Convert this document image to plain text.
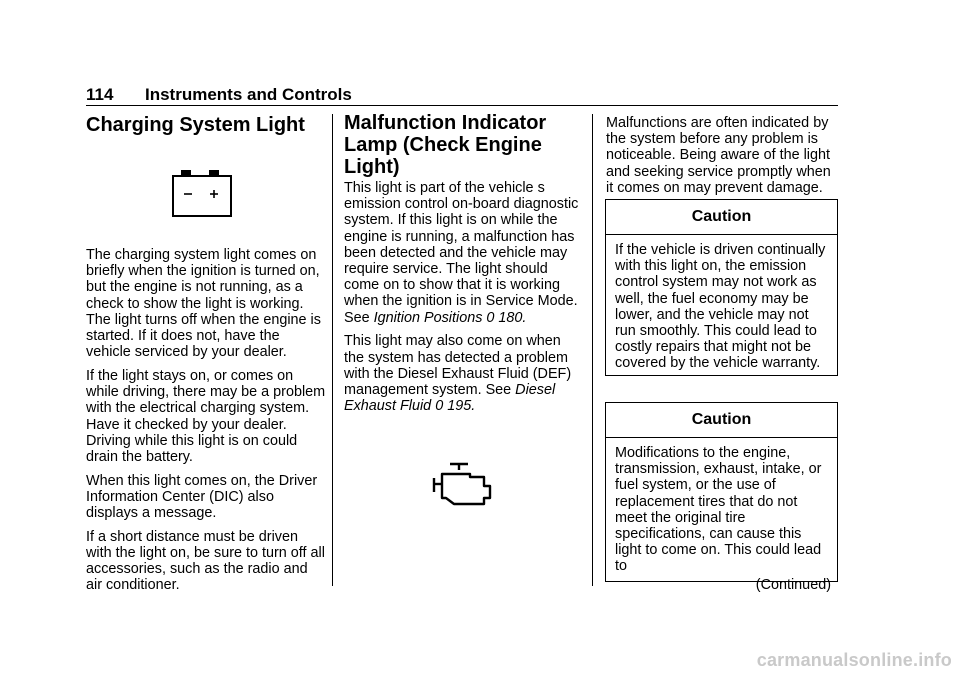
114 Instruments and Controls
Charging System Light

The charging system light comes on briefly when the ignition is turned on, but the engine is not running, as a check to show the light is working. The light turns off when the engine is started. If it does not, have the vehicle serviced by your dealer.

If the light stays on, or comes on while driving, there may be a problem with the electrical charging system. Have it checked by your dealer. Driving while this light is on could drain the battery.

When this light comes on, the Driver Information Center (DIC) also displays a message.

If a short distance must be driven with the light on, be sure to turn off all accessories, such as the radio and air conditioner.

Malfunction Indicator Lamp (Check Engine Light)

This light is part of the vehicle s emission control on-board diagnostic system. If this light is on while the engine is running, a malfunction has been detected and the vehicle may require service. The light should come on to show that it is working when the ignition is in Service Mode. See Ignition Positions 0 180.

This light may also come on when the system has detected a problem with the Diesel Exhaust Fluid (DEF) management system. See Diesel Exhaust Fluid 0 195.

Malfunctions are often indicated by the system before any problem is noticeable. Being aware of the light and seeking service promptly when it comes on may prevent damage.
Caution
If the vehicle is driven continually with this light on, the emission control system may not work as well, the fuel economy may be lower, and the vehicle may not run smoothly. This could lead to costly repairs that might not be covered by the vehicle warranty.
Caution
Modifications to the engine, transmission, exhaust, intake, or fuel system, or the use of replacement tires that do not meet the original tire specifications, can cause this light to come on. This could lead to
(Continued)
carmanualsonline.info
